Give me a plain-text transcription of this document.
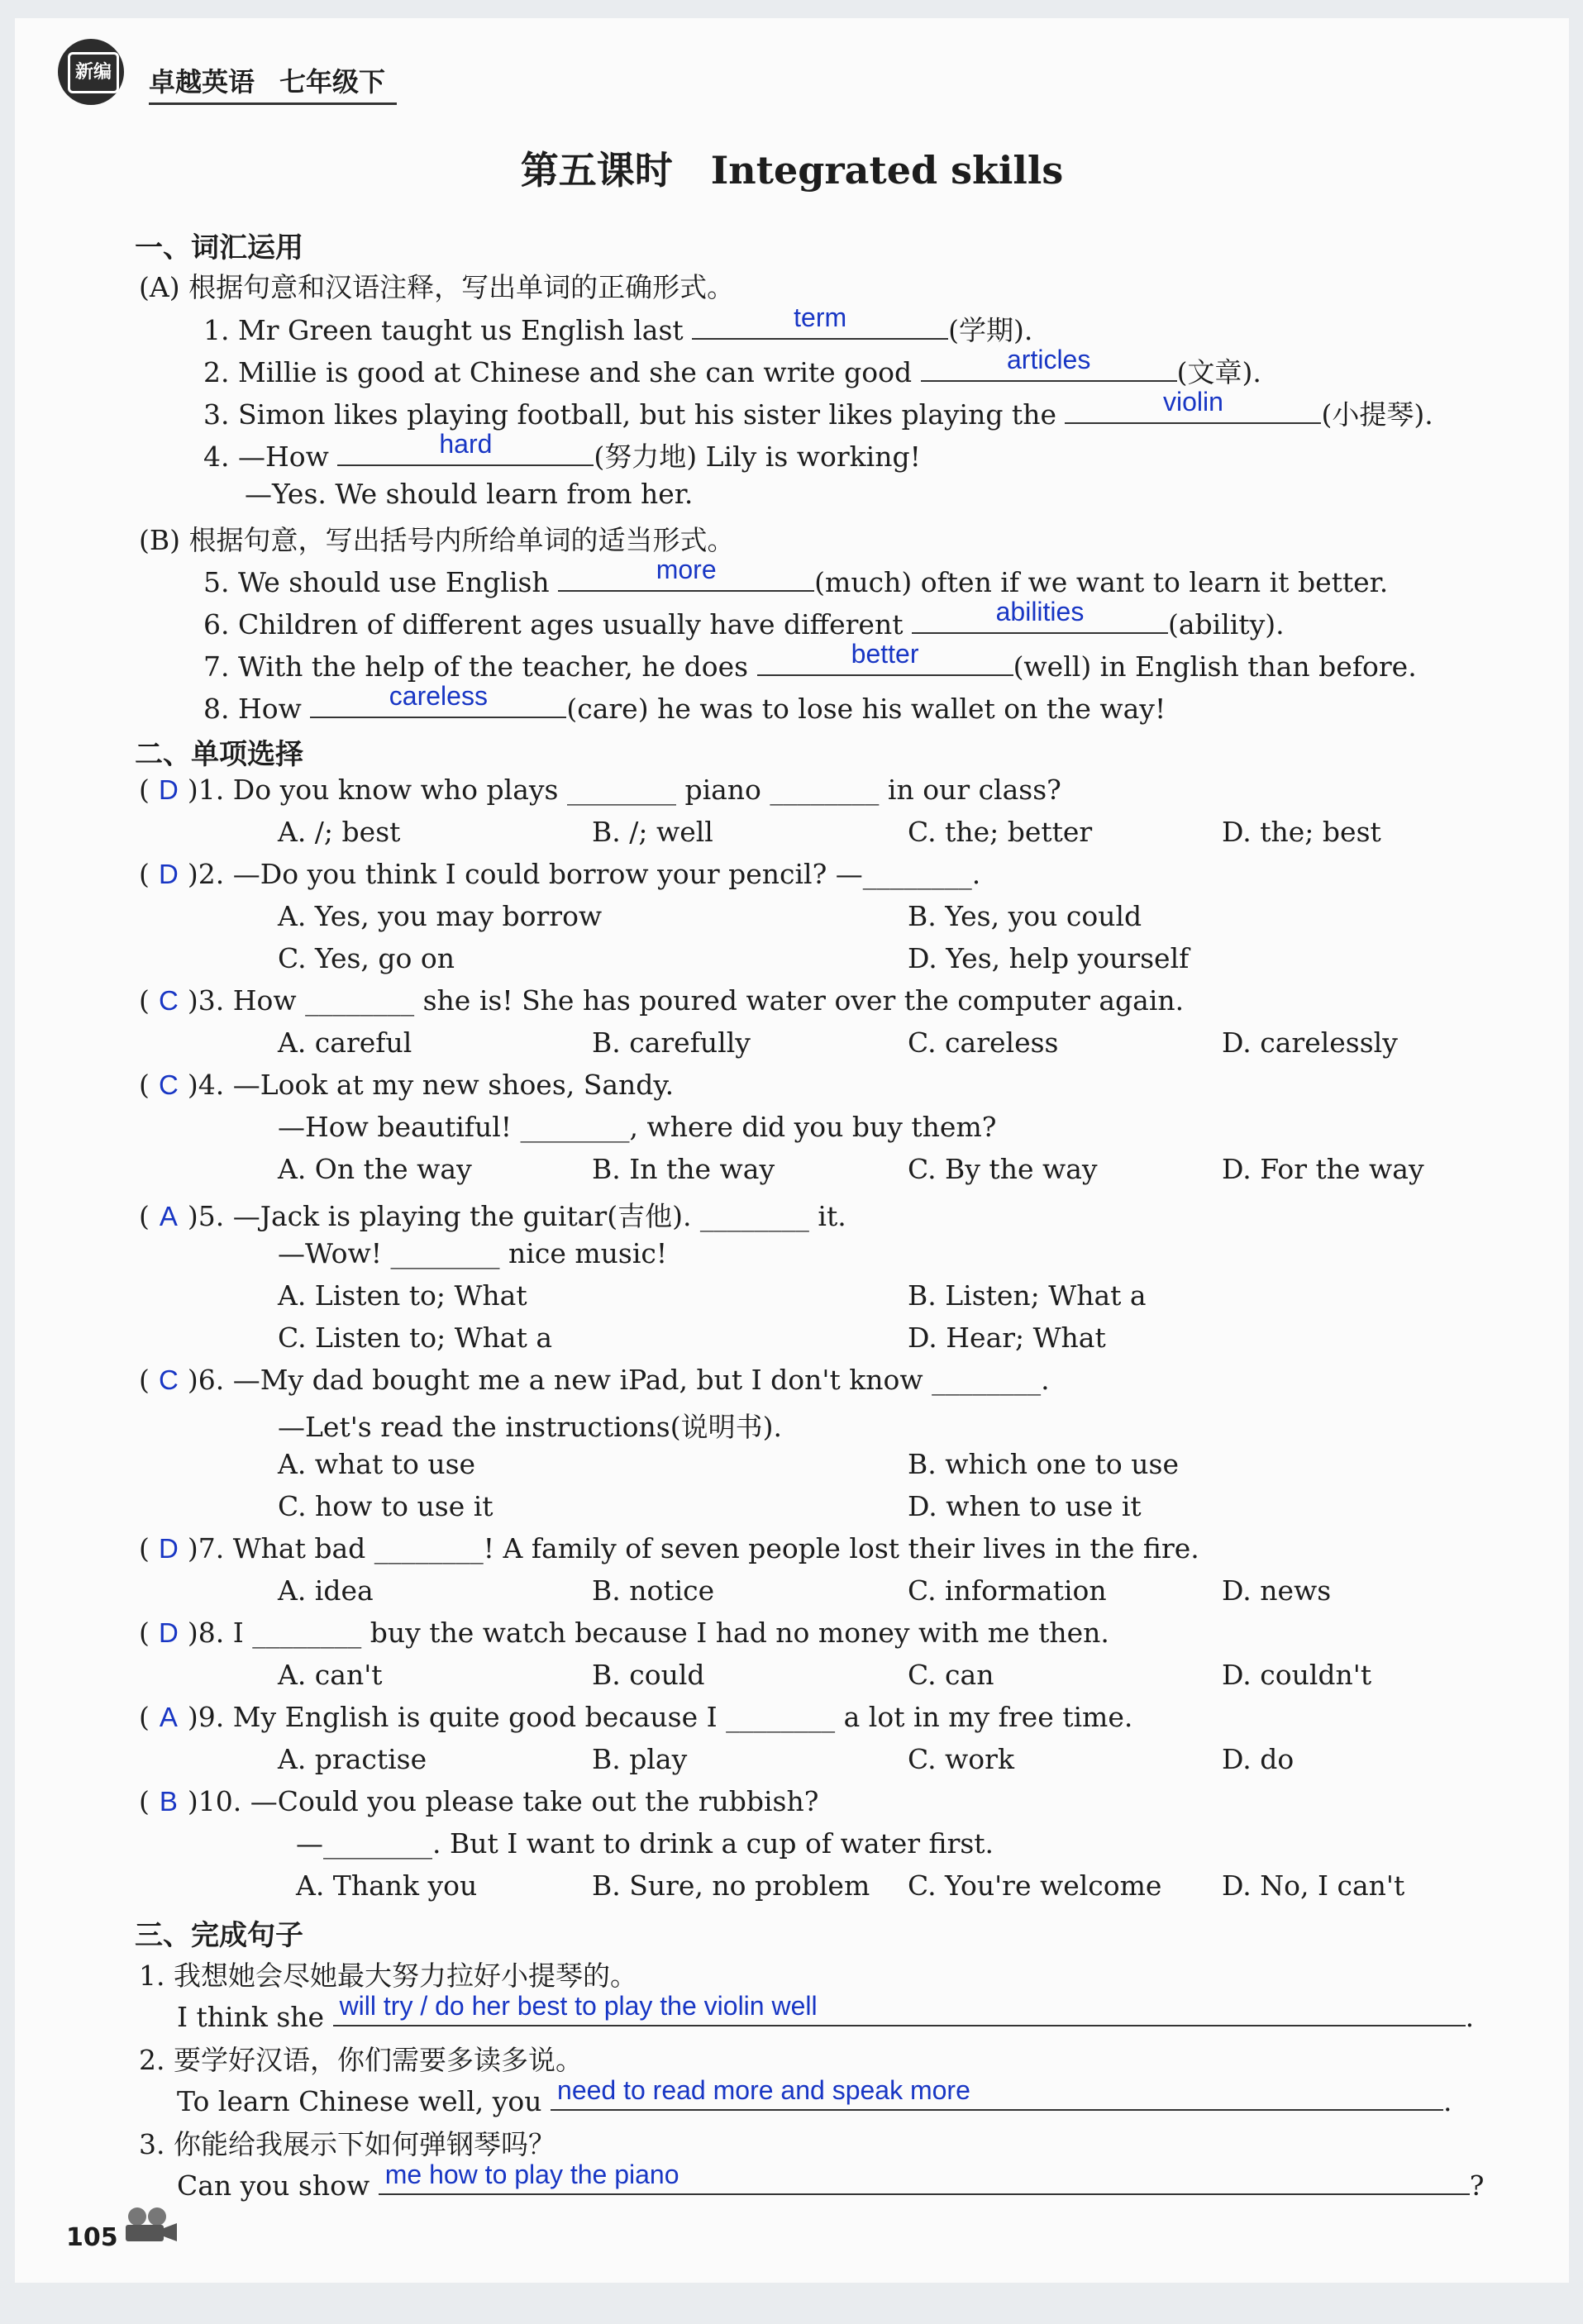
新编 卓越英语 七年级下
第五课时　Integrated skills
一、词汇运用
(A) 根据句意和汉语注释，写出单词的正确形式。
1. Mr Green taught us English last	term	(学期).
2. Millie is good at Chinese and she can write good	articles	(文章).
3. Simon likes playing football, but his sister likes playing the	violin	(小提琴).
4. —How	hard	(努力地) Lily is working!
—Yes. We should learn from her.
(B) 根据句意，写出括号内所给单词的适当形式。
5. We should use English	more	(much) often if we want to learn it better.
6. Children of different ages usually have different	abilities	(ability).
7. With the help of the teacher, he does	better	(well) in English than before.
8. How	careless	(care) he was to lose his wallet on the way!
二、单项选择
( D )1. Do you know who plays ________ piano ________ in our class?
A. /; best	B. /; well	C. the; better	D. the; best
( D )2. —Do you think I could borrow your pencil? —________.
A. Yes, you may borrow	B. Yes, you could
C. Yes, go on	D. Yes, help yourself
( C )3. How ________ she is! She has poured water over the computer again.
A. careful	B. carefully	C. careless	D. carelessly
( C )4. —Look at my new shoes, Sandy.
—How beautiful! ________, where did you buy them?
A. On the way	B. In the way	C. By the way	D. For the way
( A )5. —Jack is playing the guitar(吉他). ________ it.
—Wow! ________ nice music!
A. Listen to; What	B. Listen; What a
C. Listen to; What a	D. Hear; What
( C )6. —My dad bought me a new iPad, but I don't know ________.
—Let's read the instructions(说明书).
A. what to use	B. which one to use
C. how to use it	D. when to use it
( D )7. What bad ________! A family of seven people lost their lives in the fire.
A. idea	B. notice	C. information	D. news
( D )8. I ________ buy the watch because I had no money with me then.
A. can't	B. could	C. can	D. couldn't
( A )9. My English is quite good because I ________ a lot in my free time.
A. practise	B. play	C. work	D. do
( B )10. —Could you please take out the rubbish?
—________. But I want to drink a cup of water first.
A. Thank you	B. Sure, no problem C. You're welcome D. No, I can't
三、完成句子
1. 我想她会尽她最大努力拉好小提琴的。
I think she will try / do her best to play the violin well	.
2. 要学好汉语，你们需要多读多说。
To learn Chinese well, you need to read more and speak more	.
3. 你能给我展示下如何弹钢琴吗？
Can you show me how to play the piano	?
105
